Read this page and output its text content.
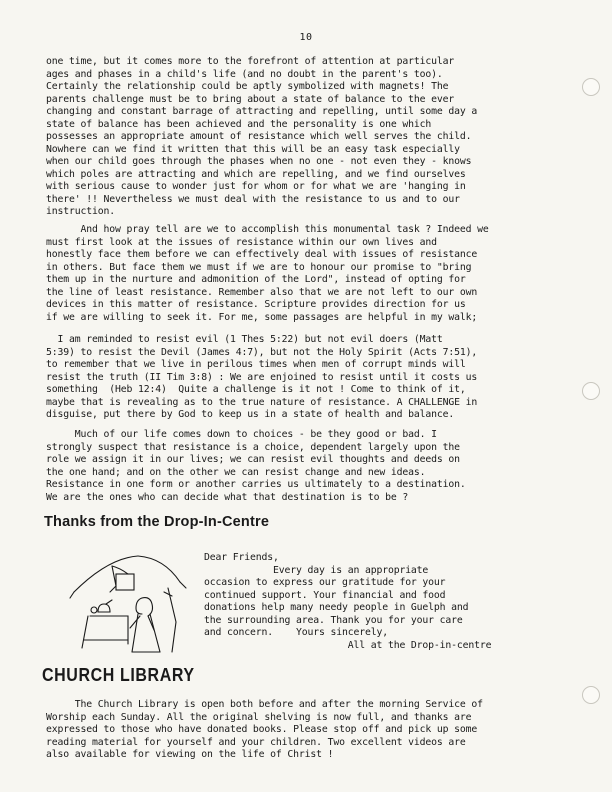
10
one time, but it comes more to the forefront of attention at particular
ages and phases in a child's life (and no doubt in the parent's too).
Certainly the relationship could be aptly symbolized with magnets! The
parents challenge must be to bring about a state of balance to the ever
changing and constant barrage of attracting and repelling, until some day a
state of balance has been achieved and the personality is one which
possesses an appropriate amount of resistance which well serves the child.
Nowhere can we find it written that this will be an easy task especially
when our child goes through the phases when no one - not even they - knows
which poles are attracting and which are repelling, and we find ourselves
with serious cause to wonder just for whom or for what we are 'hanging in
there' !! Nevertheless we must deal with the resistance to us and to our
instruction.
And how pray tell are we to accomplish this monumental task ? Indeed we
must first look at the issues of resistance within our own lives and
honestly face them before we can effectively deal with issues of resistance
in others. But face them we must if we are to honour our promise to "bring
them up in the nurture and admonition of the Lord", instead of opting for
the line of least resistance. Remember also that we are not left to our own
devices in this matter of resistance. Scripture provides direction for us
if we are willing to seek it. For me, some passages are helpful in my walk;
I am reminded to resist evil (1 Thes 5:22) but not evil doers (Matt
5:39) to resist the Devil (James 4:7), but not the Holy Spirit (Acts 7:51),
to remember that we live in perilous times when men of corrupt minds will
resist the truth (II Tim 3:8) : We are enjoined to resist until it costs us
something  (Heb 12:4)  Quite a challenge is it not ! Come to think of it,
maybe that is revealing as to the true nature of resistance. A CHALLENGE in
disguise, put there by God to keep us in a state of health and balance.
Much of our life comes down to choices - be they good or bad. I
strongly suspect that resistance is a choice, dependent largely upon the
role we assign it in our lives; we can resist evil thoughts and deeds on
the one hand; and on the other we can resist change and new ideas.
Resistance in one form or another carries us ultimately to a destination.
We are the ones who can decide what that destination is to be ?
Thanks from the Drop-In-Centre
Dear Friends,
Every day is an appropriate
occasion to express our gratitude for your
continued support. Your financial and food
donations help many needy people in Guelph and
the surrounding area. Thank you for your care
and concern.    Yours sincerely,
All at the Drop-in-centre
CHURCH LIBRARY
The Church Library is open both before and after the morning Service of
Worship each Sunday. All the original shelving is now full, and thanks are
expressed to those who have donated books. Please stop off and pick up some
reading material for yourself and your children. Two excellent videos are
also available for viewing on the life of Christ !
